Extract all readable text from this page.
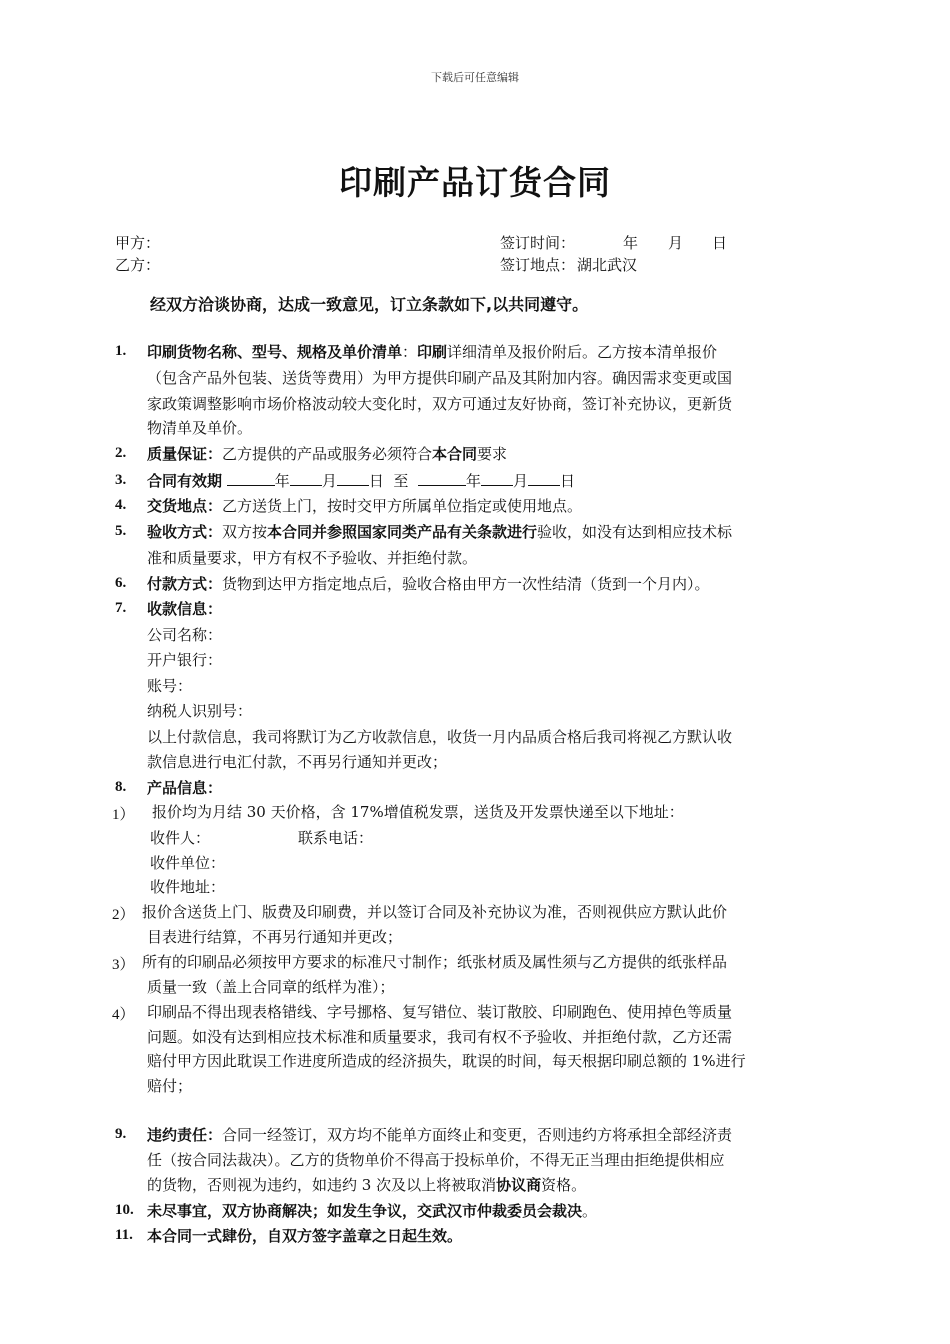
下载后可任意编辑
印刷产品订货合同
甲方：
乙方：
签订时间：	年 月 日
签订地点： 湖北武汉
经双方洽谈协商，达成一致意见，订立条款如下,以共同遵守。
1. 印刷货物名称、型号、规格及单价清单：印刷详细清单及报价附后。乙方按本清单报价
（包含产品外包装、送货等费用）为甲方提供印刷产品及其附加内容。确因需求变更或国
家政策调整影响市场价格波动较大变化时，双方可通过友好协商，签订补充协议，更新货
物清单及单价。
2. 质量保证：乙方提供的产品或服务必须符合本合同要求
3. 合同有效期	年 月 日 至	年 月 日
4. 交货地点：乙方送货上门，按时交甲方所属单位指定或使用地点。
5. 验收方式：双方按本合同并参照国家同类产品有关条款进行验收，如没有达到相应技术标
准和质量要求，甲方有权不予验收、并拒绝付款。
6. 付款方式：货物到达甲方指定地点后，验收合格由甲方一次性结清（货到一个月内）。
7. 收款信息：
公司名称：
开户银行：
账号：
纳税人识别号：
以上付款信息，我司将默订为乙方收款信息，收货一月内品质合格后我司将视乙方默认收
款信息进行电汇付款，不再另行通知并更改；
8. 产品信息：
1） 报价均为月结 30 天价格，含 17%增值税发票，送货及开发票快递至以下地址：
收件人：	联系电话：
收件单位：
收件地址：
2） 报价含送货上门、版费及印刷费，并以签订合同及补充协议为准，否则视供应方默认此价
目表进行结算，不再另行通知并更改；
3） 所有的印刷品必须按甲方要求的标准尺寸制作；纸张材质及属性须与乙方提供的纸张样品
质量一致（盖上合同章的纸样为准）；
4） 印刷品不得出现表格错线、字号挪格、复写错位、装订散胶、印刷跑色、使用掉色等质量
问题。如没有达到相应技术标准和质量要求，我司有权不予验收、并拒绝付款，乙方还需
赔付甲方因此耽误工作进度所造成的经济损失，耽误的时间，每天根据印刷总额的 1%进行
赔付；
9. 违约责任：合同一经签订，双方均不能单方面终止和变更，否则违约方将承担全部经济责
任（按合同法裁决）。乙方的货物单价不得高于投标单价，不得无正当理由拒绝提供相应
的货物，否则视为违约，如违约 3 次及以上将被取消协议商资格。
10. 未尽事宜，双方协商解决；如发生争议，交武汉市仲裁委员会裁决。
11. 本合同一式肆份，自双方签字盖章之日起生效。
